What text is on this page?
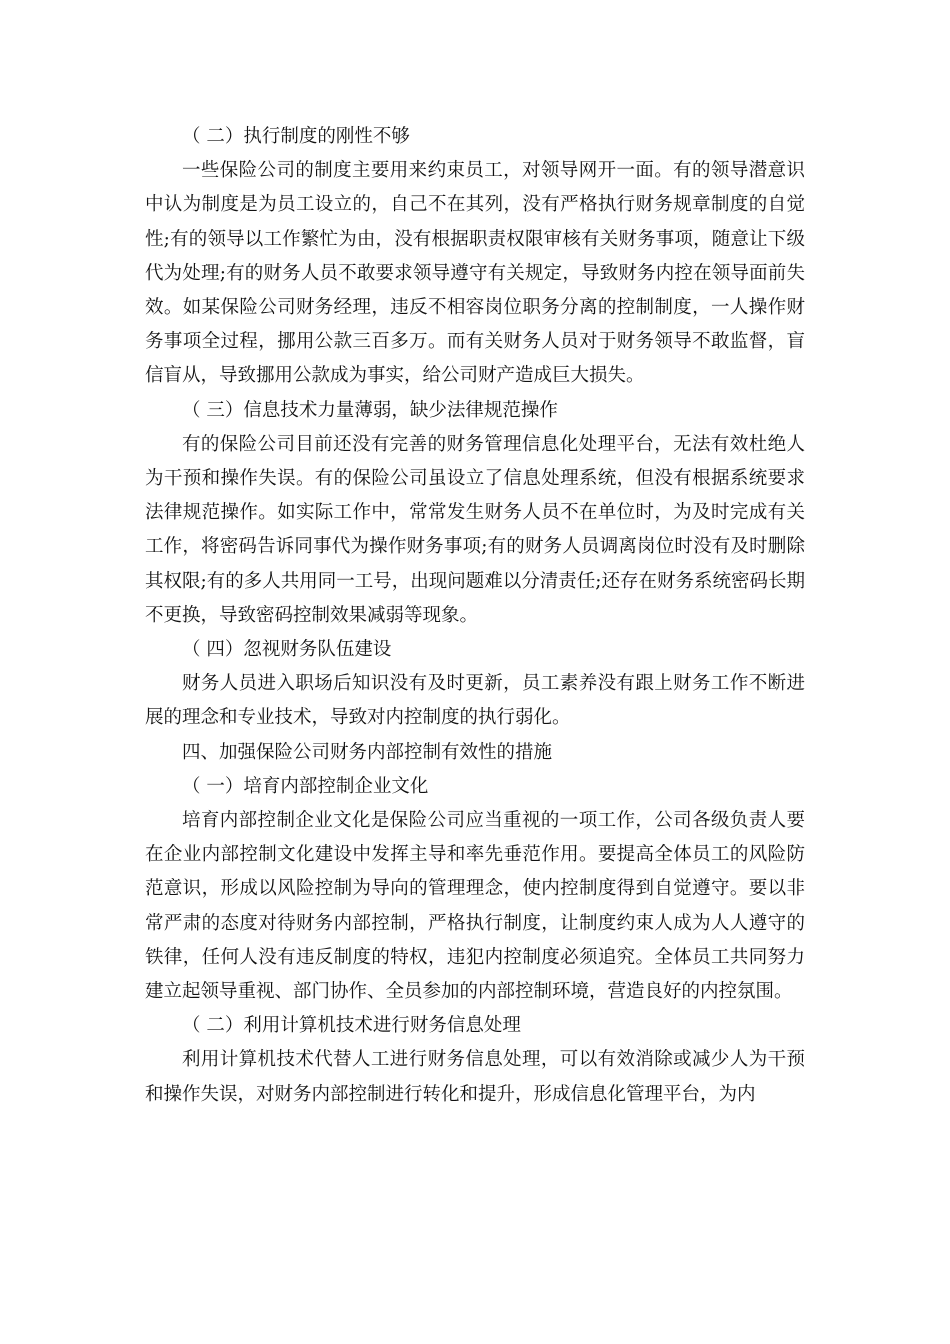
（ 二）执行制度的刚性不够

一些保险公司的制度主要用来约束员工，对领导网开一面。有的领导潜意识中认为制度是为员工设立的，自己不在其列，没有严格执行财务规章制度的自觉性;有的领导以工作繁忙为由，没有根据职责权限审核有关财务事项，随意让下级代为处理;有的财务人员不敢要求领导遵守有关规定，导致财务内控在领导面前失效。如某保险公司财务经理，违反不相容岗位职务分离的控制制度，一人操作财务事项全过程，挪用公款三百多万。而有关财务人员对于财务领导不敢监督，盲信盲从，导致挪用公款成为事实，给公司财产造成巨大损失。

（ 三）信息技术力量薄弱，缺少法律规范操作

有的保险公司目前还没有完善的财务管理信息化处理平台，无法有效杜绝人为干预和操作失误。有的保险公司虽设立了信息处理系统，但没有根据系统要求法律规范操作。如实际工作中，常常发生财务人员不在单位时，为及时完成有关工作，将密码告诉同事代为操作财务事项;有的财务人员调离岗位时没有及时删除其权限;有的多人共用同一工号，出现问题难以分清责任;还存在财务系统密码长期不更换，导致密码控制效果减弱等现象。

（ 四）忽视财务队伍建设

财务人员进入职场后知识没有及时更新，员工素养没有跟上财务工作不断进展的理念和专业技术，导致对内控制度的执行弱化。

四、加强保险公司财务内部控制有效性的措施

（ 一）培育内部控制企业文化

培育内部控制企业文化是保险公司应当重视的一项工作，公司各级负责人要在企业内部控制文化建设中发挥主导和率先垂范作用。要提高全体员工的风险防范意识，形成以风险控制为导向的管理理念，使内控制度得到自觉遵守。要以非常严肃的态度对待财务内部控制，严格执行制度，让制度约束人成为人人遵守的铁律，任何人没有违反制度的特权，违犯内控制度必须追究。全体员工共同努力建立起领导重视、部门协作、全员参加的内部控制环境，营造良好的内控氛围。

（ 二）利用计算机技术进行财务信息处理

利用计算机技术代替人工进行财务信息处理，可以有效消除或减少人为干预和操作失误，对财务内部控制进行转化和提升，形成信息化管理平台，为内
